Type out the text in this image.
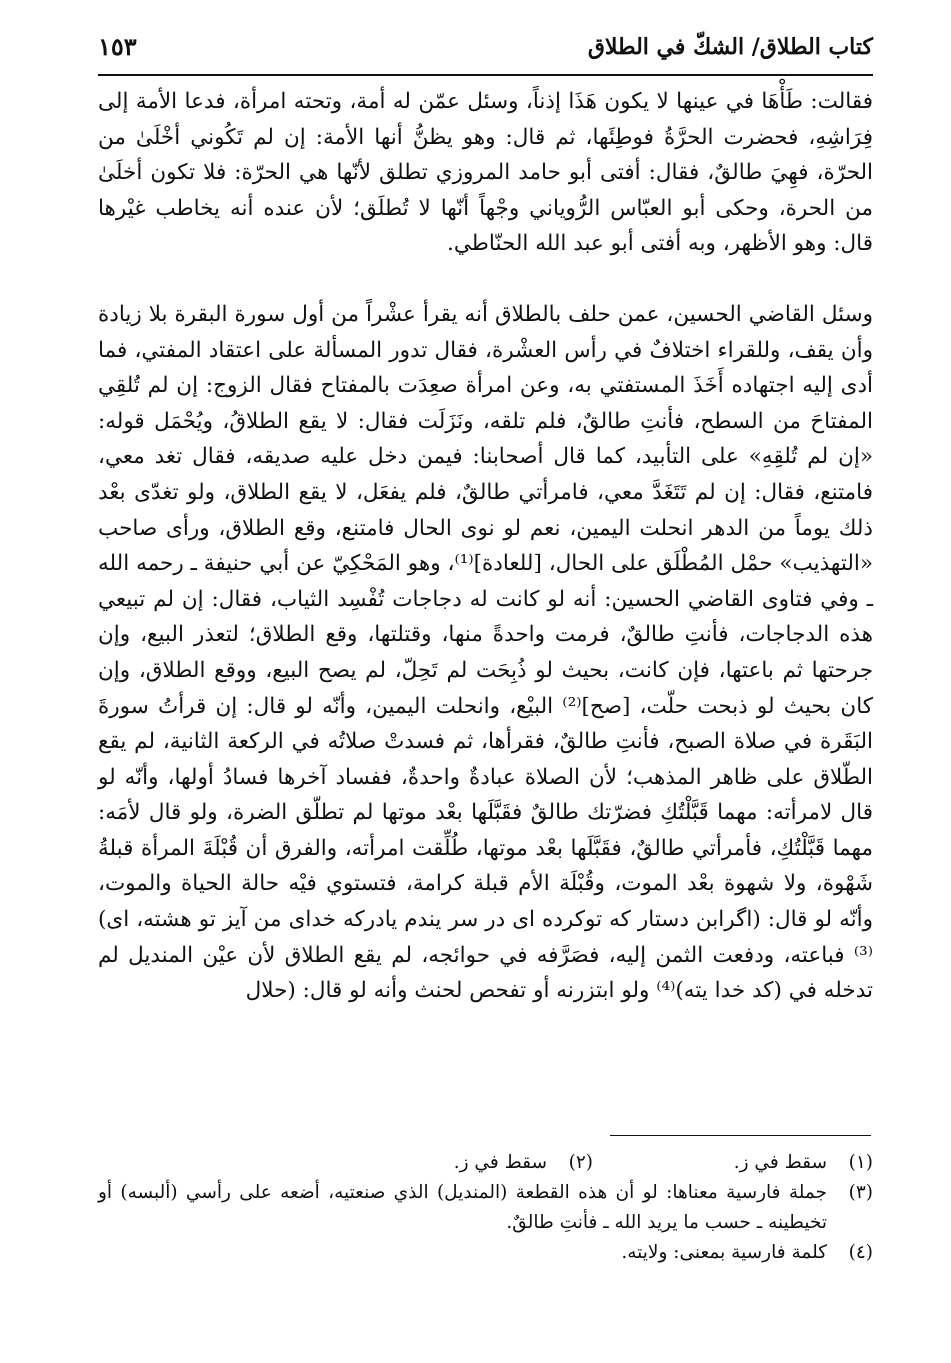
كتاب الطلاق/ الشكّ في الطلاق
١٥٣

فقالت: طَأْهَا في عينها لا يكون هَذَا إذناً، وسئل عمّن له أمة، وتحته امرأة، فدعا الأمة إلى فِرَاشِهِ، فحضرت الحرَّةُ فوطِئَها، ثم قال: وهو يظنُّ أنها الأمة: إن لم تَكُوني أخْلَىٰ من الحرّة، فهِيَ طالقٌ، فقال: أفتى أبو حامد المروزي تطلق لأنّها هي الحرّة: فلا تكون أخلَىٰ من الحرة، وحكى أبو العبّاس الرُّوياني وجْهاً أنّها لا تُطلَق؛ لأن عنده أنه يخاطب غيْرها قال: وهو الأظهر، وبه أفتى أبو عبد الله الحنّاطي.

وسئل القاضي الحسين، عمن حلف بالطلاق أنه يقرأ عشْراً من أول سورة البقرة بلا زيادة وأن يقف، وللقراء اختلافٌ في رأس العشْرة، فقال تدور المسألة على اعتقاد المفتي، فما أدى إليه اجتهاده أَخَذَ المستفتي به، وعن امرأة صعِدَت بالمفتاح فقال الزوج: إن لم تُلقِي المفتاحَ من السطح، فأنتِ طالقٌ، فلم تلقه، ونَزَلَت فقال: لا يقع الطلاقُ، ويُحْمَل قوله: «إن لم تُلقِهِ» على التأبيد، كما قال أصحابنا: فيمن دخل عليه صديقه، فقال تغد معي، فامتنع، فقال: إن لم تَتَغَدَّ معي، فامرأتي طالقٌ، فلم يفعَل، لا يقع الطلاق، ولو تغدّى بعْد ذلك يوماً من الدهر انحلت اليمين، نعم لو نوى الحال فامتنع، وقع الطلاق، ورأى صاحب «التهذيب» حمْل المُطْلَق على الحال، [للعادة]⁽¹⁾، وهو المَحْكِيّ عن أبي حنيفة ـ رحمه الله ـ وفي فتاوى القاضي الحسين: أنه لو كانت له دجاجات تُفْسِد الثياب، فقال: إن لم تبيعي هذه الدجاجات، فأنتِ طالقٌ، فرمت واحدةً منها، وقتلتها، وقع الطلاق؛ لتعذر البيع، وإن جرحتها ثم باعتها، فإن كانت، بحيث لو ذُبِحَت لم تَحِلّ، لم يصح البيع، ووقع الطلاق، وإن كان بحيث لو ذبحت حلّت، [صح]⁽²⁾ البيْع، وانحلت اليمين، وأنّه لو قال: إن قرأتُ سورةَ البَقَرة في صلاة الصبح، فأنتِ طالقٌ، فقرأها، ثم فسدتْ صلاتُه في الركعة الثانية، لم يقع الطّلاق على ظاهر المذهب؛ لأن الصلاة عبادةٌ واحدةٌ، ففساد آخرها فسادُ أولها، وأنّه لو قال لامرأته: مهما قَبَّلْتُكِ فضرّتك طالقٌ فقَبَّلَها بعْد موتها لم تطلّق الضرة، ولو قال لأمَه: مهما قَبَّلْتُكِ، فأمرأتي طالقٌ، فقَبَّلَها بعْد موتها، طُلِّقت امرأته، والفرق أن قُبْلَةَ المرأة قبلةُ شَهْوة، ولا شهوة بعْد الموت، وقُبْلَة الأم قبلة كرامة، فتستوي فيْه حالة الحياة والموت، وأنّه لو قال: (اگرابن دستار كه توكرده اى در سر يندم يادركه خداى من آيز تو هشته، اى)⁽³⁾ فباعته، ودفعت الثمن إليه، فصَرَّفه في حوائجه، لم يقع الطلاق لأن عيْن المنديل لم تدخله في (كد خدا يته)⁽⁴⁾ ولو ابتزرنه أو تفحص لحنث وأنه لو قال: (حلال

(١)
سقط في ز.
(٢)
سقط في ز.
(٣)
جملة فارسية معناها: لو أن هذه القطعة (المنديل) الذي صنعتيه، أضعه على رأسي (ألبسه) أو تخيطينه ـ حسب ما يريد الله ـ فأنتِ طالقٌ.
(٤)
كلمة فارسية بمعنى: ولايته.
